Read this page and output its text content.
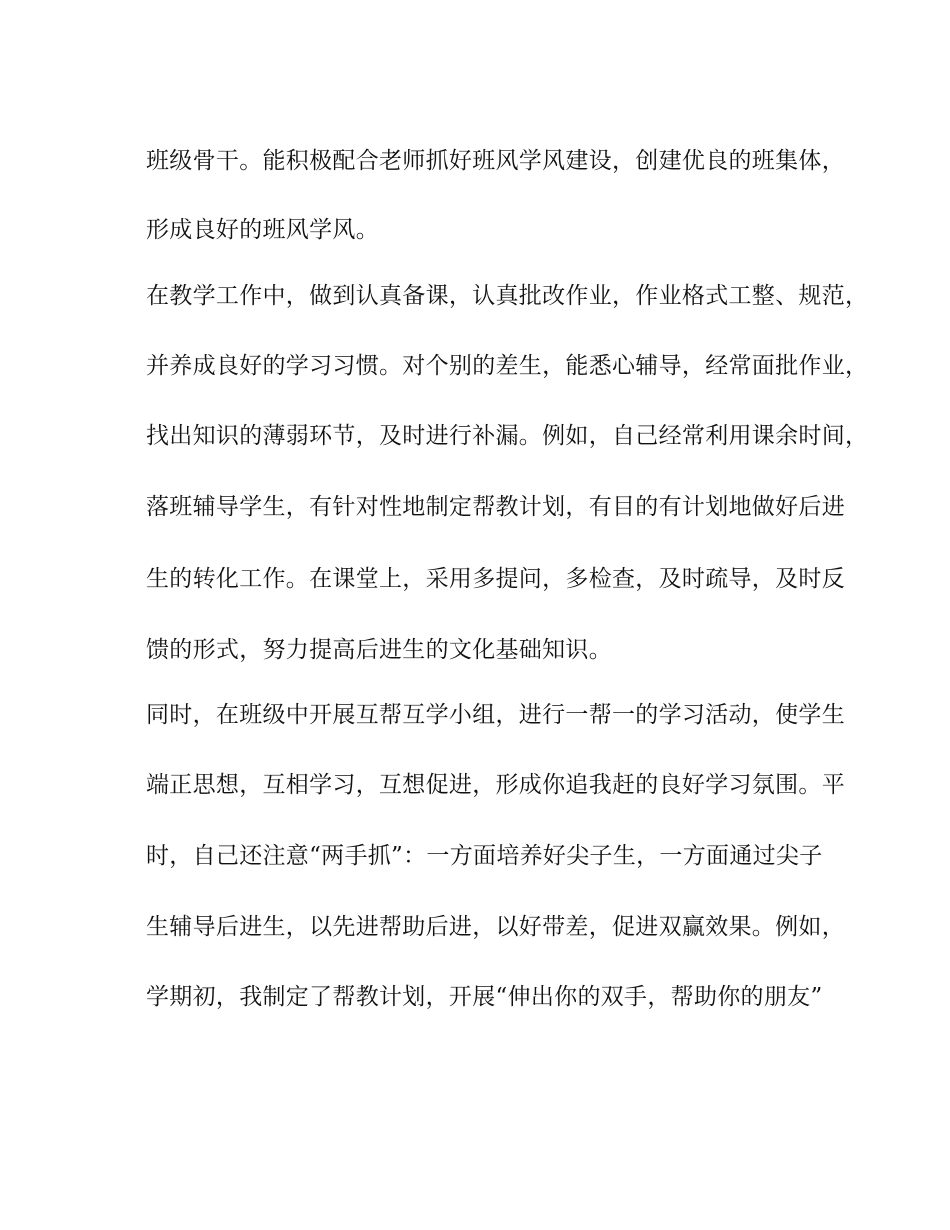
班级骨干。能积极配合老师抓好班风学风建设，创建优良的班集体，
形成良好的班风学风。
在教学工作中，做到认真备课，认真批改作业，作业格式工整、规范，
并养成良好的学习习惯。对个别的差生，能悉心辅导，经常面批作业，
找出知识的薄弱环节，及时进行补漏。例如，自己经常利用课余时间，
落班辅导学生，有针对性地制定帮教计划，有目的有计划地做好后进
生的转化工作。在课堂上，采用多提问，多检查，及时疏导，及时反
馈的形式，努力提高后进生的文化基础知识。
同时，在班级中开展互帮互学小组，进行一帮一的学习活动，使学生
端正思想，互相学习，互想促进，形成你追我赶的良好学习氛围。平
时，自己还注意“两手抓”：一方面培养好尖子生，一方面通过尖子
生辅导后进生，以先进帮助后进，以好带差，促进双赢效果。例如，
学期初，我制定了帮教计划，开展“伸出你的双手，帮助你的朋友”
